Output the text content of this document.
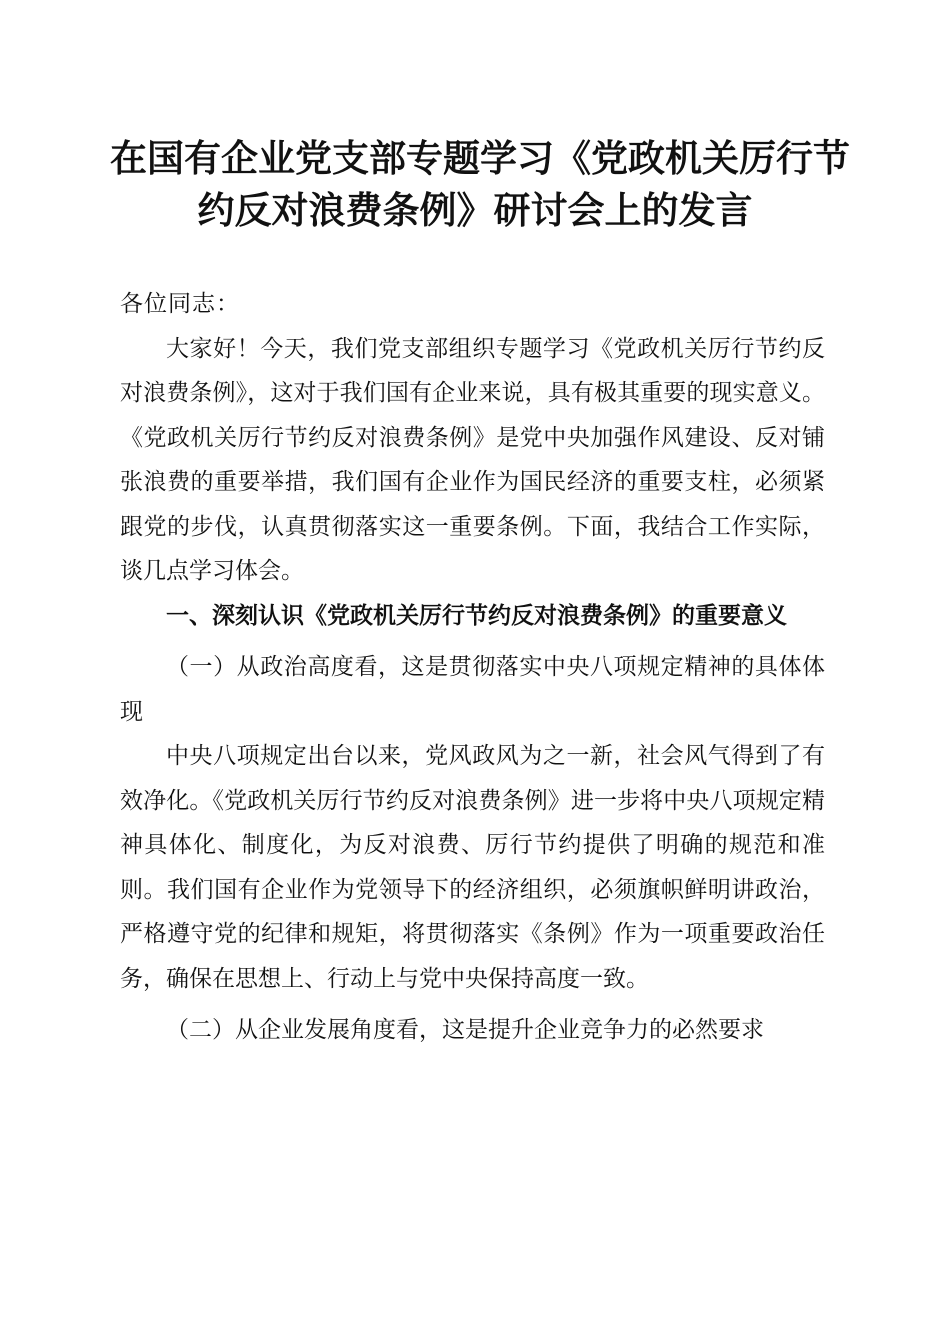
在国有企业党支部专题学习《党政机关厉行节
约反对浪费条例》研讨会上的发言

各位同志：

大家好！今天，我们党支部组织专题学习《党政机关厉行节约反对浪费条例》，这对于我们国有企业来说，具有极其重要的现实意义。《党政机关厉行节约反对浪费条例》是党中央加强作风建设、反对铺张浪费的重要举措，我们国有企业作为国民经济的重要支柱，必须紧跟党的步伐，认真贯彻落实这一重要条例。下面，我结合工作实际，谈几点学习体会。

一、深刻认识《党政机关厉行节约反对浪费条例》的重要意义

（一）从政治高度看，这是贯彻落实中央八项规定精神的具体体现

中央八项规定出台以来，党风政风为之一新，社会风气得到了有效净化。《党政机关厉行节约反对浪费条例》进一步将中央八项规定精神具体化、制度化，为反对浪费、厉行节约提供了明确的规范和准则。我们国有企业作为党领导下的经济组织，必须旗帜鲜明讲政治，严格遵守党的纪律和规矩，将贯彻落实《条例》作为一项重要政治任务，确保在思想上、行动上与党中央保持高度一致。

（二）从企业发展角度看，这是提升企业竞争力的必然要求
